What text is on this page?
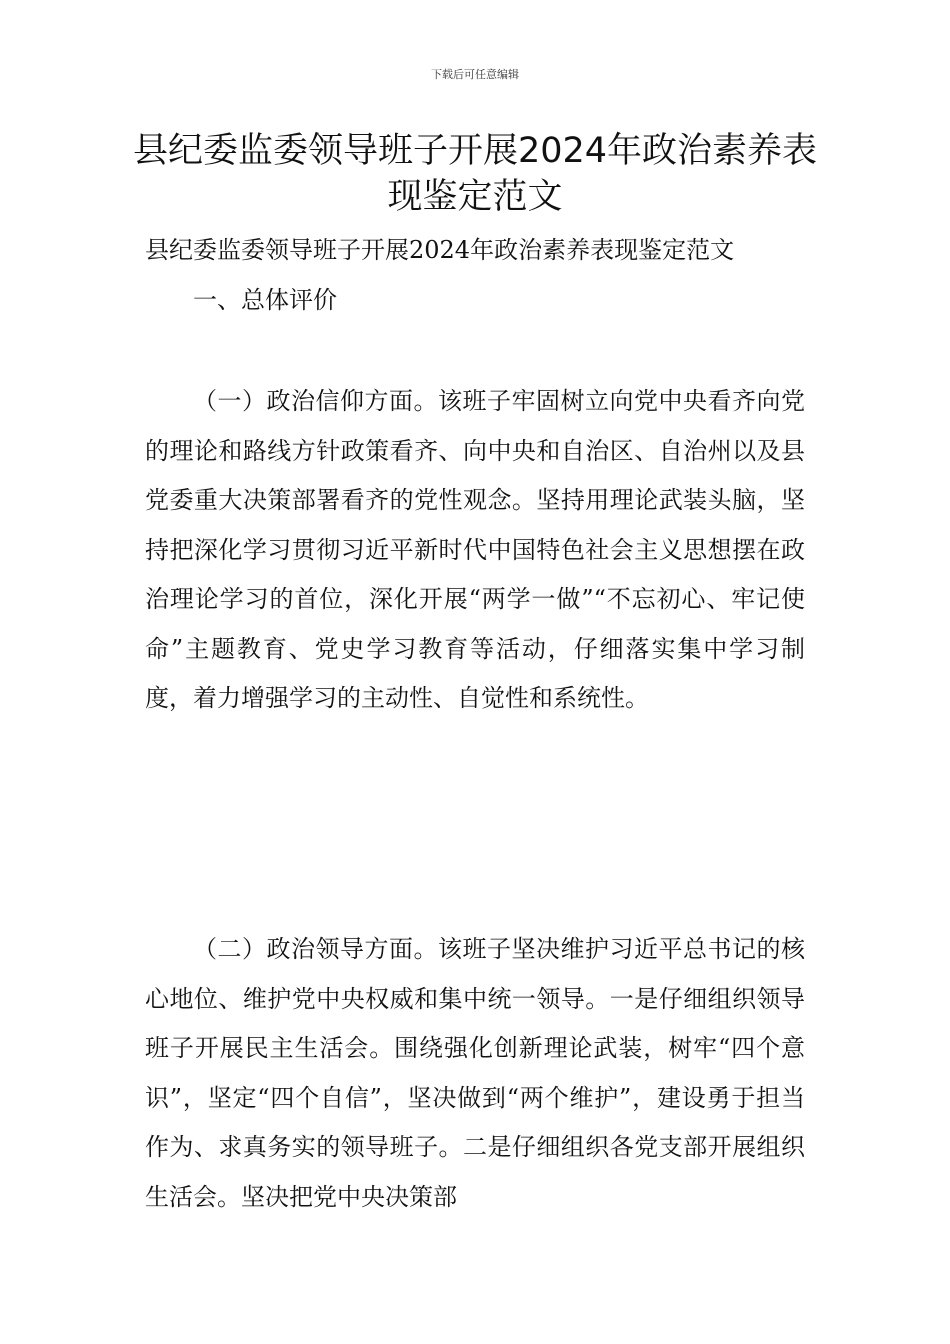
下载后可任意编辑
县纪委监委领导班子开展2024年政治素养表现鉴定范文
县纪委监委领导班子开展2024年政治素养表现鉴定范文
一、总体评价

（一）政治信仰方面。该班子牢固树立向党中央看齐向党的理论和路线方针政策看齐、向中央和自治区、自治州以及县党委重大决策部署看齐的党性观念。坚持用理论武装头脑，坚持把深化学习贯彻习近平新时代中国特色社会主义思想摆在政治理论学习的首位，深化开展“两学一做”“不忘初心、牢记使命”主题教育、党史学习教育等活动，仔细落实集中学习制度，着力增强学习的主动性、自觉性和系统性。

（二）政治领导方面。该班子坚决维护习近平总书记的核心地位、维护党中央权威和集中统一领导。一是仔细组织领导班子开展民主生活会。围绕强化创新理论武装，树牢“四个意识”，坚定“四个自信”，坚决做到“两个维护”，建设勇于担当作为、求真务实的领导班子。二是仔细组织各党支部开展组织生活会。坚决把党中央决策部
